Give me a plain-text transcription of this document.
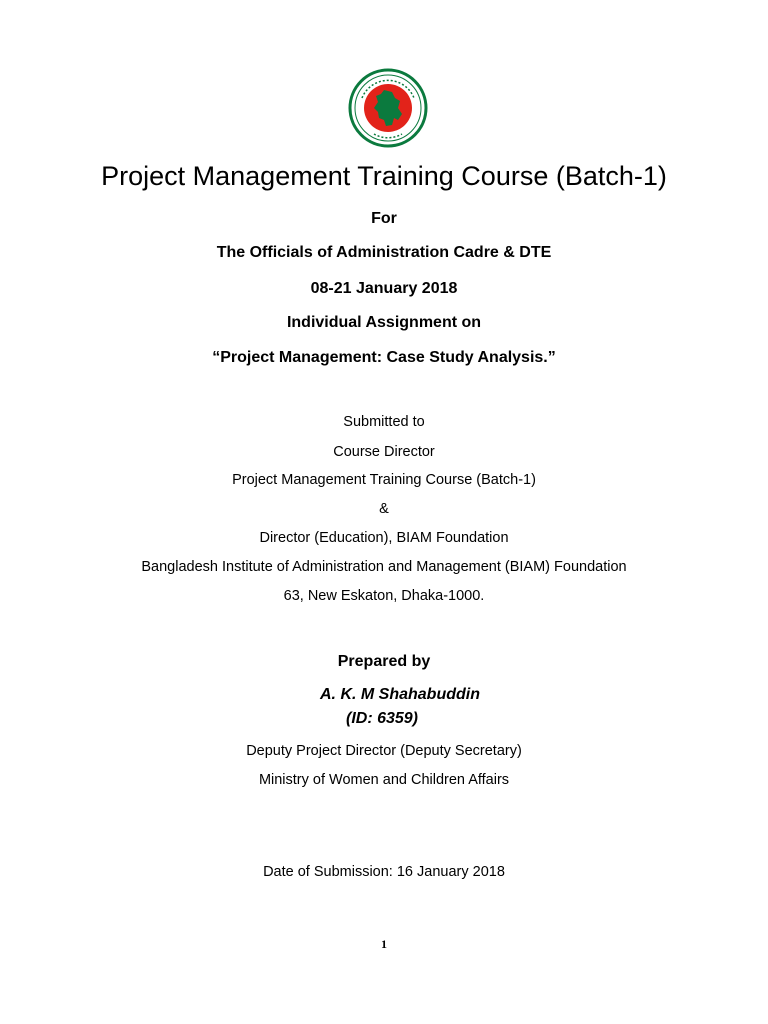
Project Management Training Course (Batch-1)
For
The Officials of Administration Cadre & DTE
08-21 January 2018
Individual Assignment on
“Project Management: Case Study Analysis.”
Submitted to
Course Director
Project Management Training Course (Batch-1)
&
Director (Education), BIAM Foundation
Bangladesh Institute of Administration and Management (BIAM) Foundation
63, New Eskaton, Dhaka-1000.
Prepared by
A. K. M Shahabuddin
(ID: 6359)
Deputy Project Director (Deputy Secretary)
Ministry of Women and Children Affairs
Date of Submission: 16 January 2018
1
